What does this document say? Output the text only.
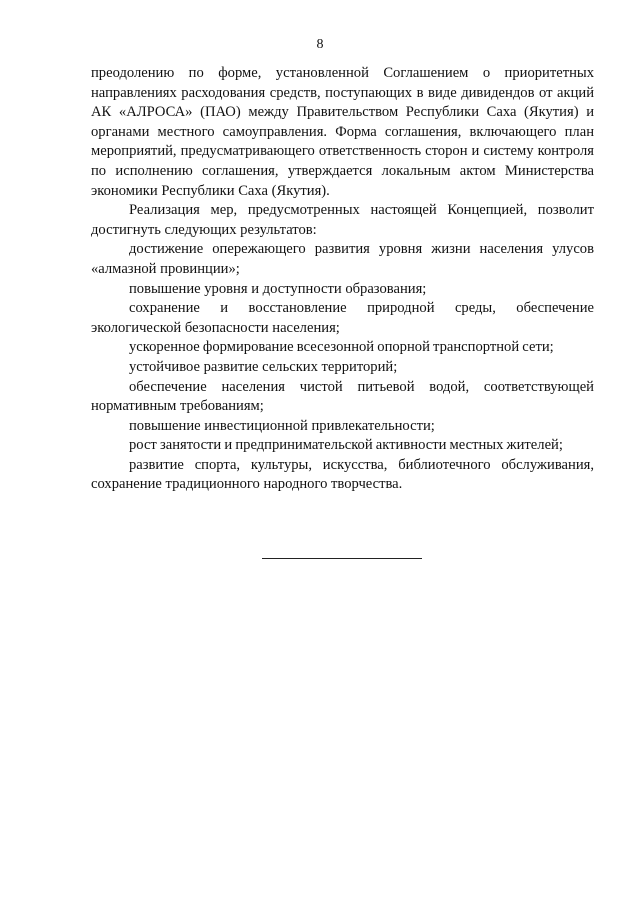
8

преодолению по форме, установленной Соглашением о приоритетных направлениях расходования средств, поступающих в виде дивидендов от акций АК «АЛРОСА» (ПАО) между Правительством Республики Саха (Якутия) и органами местного самоуправления. Форма соглашения, включающего план мероприятий, предусматривающего ответственность сторон и систему контроля по исполнению соглашения, утверждается локальным актом Министерства экономики Республики Саха (Якутия).

Реализация мер, предусмотренных настоящей Концепцией, позволит достигнуть следующих результатов:

достижение опережающего развития уровня жизни населения улусов «алмазной провинции»;

повышение уровня и доступности образования;

сохранение и восстановление природной среды, обеспечение экологической безопасности населения;

ускоренное формирование всесезонной опорной транспортной сети;

устойчивое развитие сельских территорий;

обеспечение населения чистой питьевой водой, соответствующей нормативным требованиям;

повышение инвестиционной привлекательности;

рост занятости и предпринимательской активности местных жителей;

развитие спорта, культуры, искусства, библиотечного обслуживания, сохранение традиционного народного творчества.
